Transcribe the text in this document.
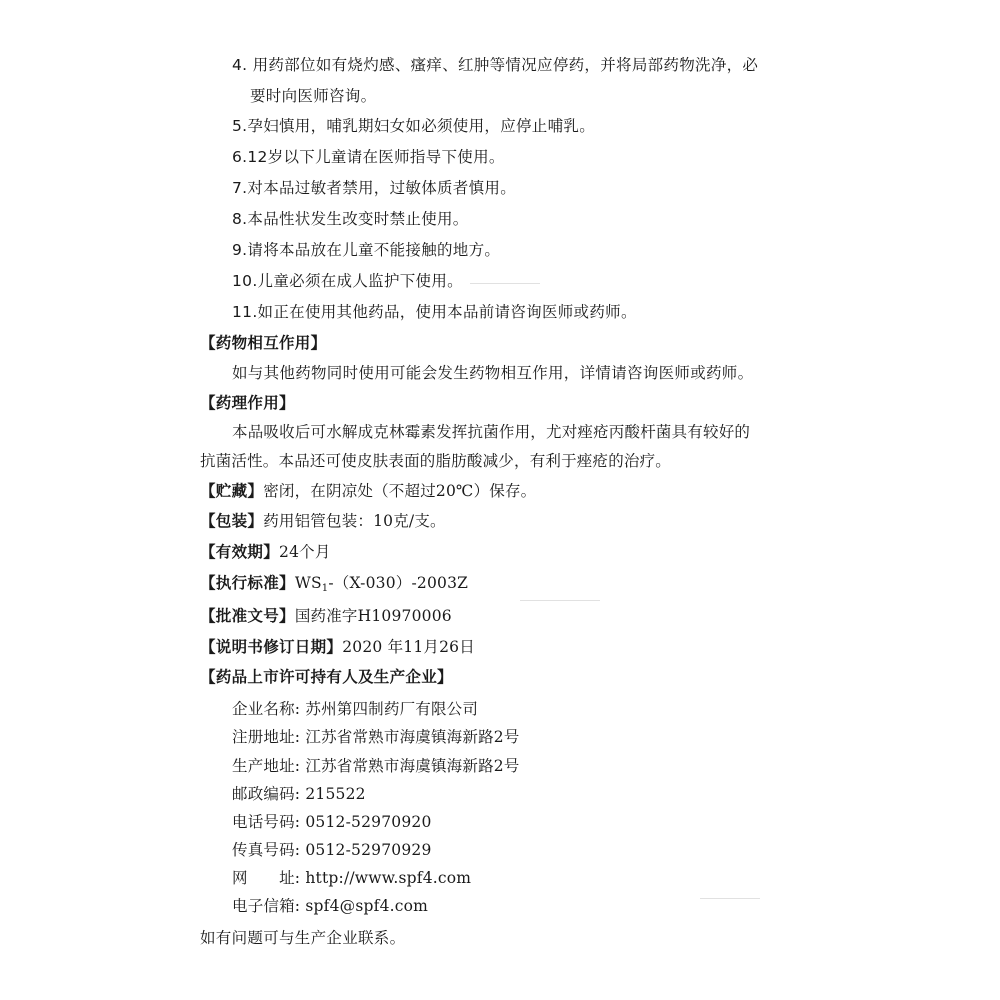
4. 用药部位如有烧灼感、瘙痒、红肿等情况应停药，并将局部药物洗净，必
要时向医师咨询。
5.孕妇慎用，哺乳期妇女如必须使用，应停止哺乳。
6.12岁以下儿童请在医师指导下使用。
7.对本品过敏者禁用，过敏体质者慎用。
8.本品性状发生改变时禁止使用。
9.请将本品放在儿童不能接触的地方。
10.儿童必须在成人监护下使用。
11.如正在使用其他药品，使用本品前请咨询医师或药师。
【药物相互作用】
如与其他药物同时使用可能会发生药物相互作用，详情请咨询医师或药师。
【药理作用】
本品吸收后可水解成克林霉素发挥抗菌作用，尤对痤疮丙酸杆菌具有较好的
抗菌活性。本品还可使皮肤表面的脂肪酸减少，有利于痤疮的治疗。
【贮藏】密闭，在阴凉处（不超过20℃）保存。
【包装】药用铝管包装：10克/支。
【有效期】24个月
【执行标准】$WS_1-(X-030)-2003Z$
【批准文号】国药准字H10970006
【说明书修订日期】2020 年11月26日
【药品上市许可持有人及生产企业】
企业名称: 苏州第四制药厂有限公司
注册地址: 江苏省常熟市海虞镇海新路2号
生产地址: 江苏省常熟市海虞镇海新路2号
邮政编码: 215522
电话号码: 0512-52970920
传真号码: 0512-52970929
网　　址: http://www.spf4.com
电子信箱: spf4@spf4.com
如有问题可与生产企业联系。
